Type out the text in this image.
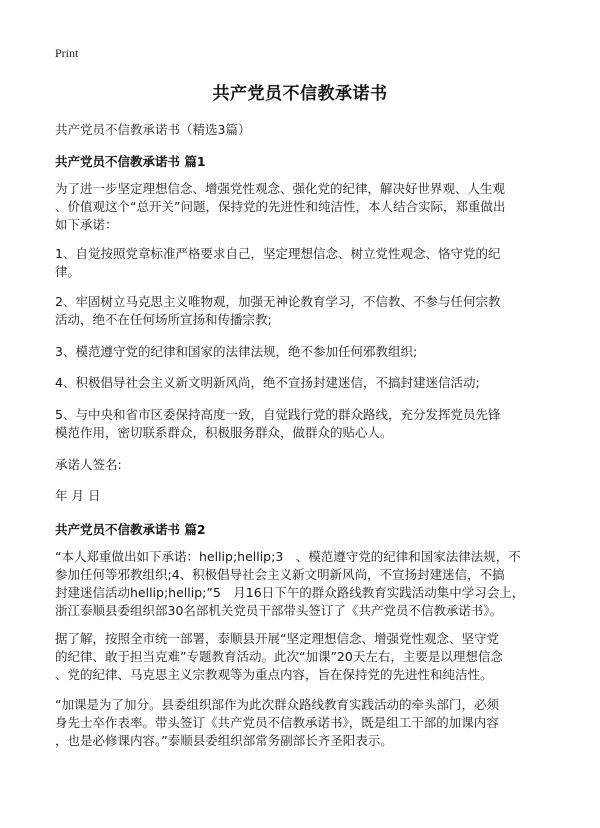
Print
共产党员不信教承诺书
共产党员不信教承诺书（精选3篇）
共产党员不信教承诺书 篇1
为了进一步坚定理想信念、增强党性观念、强化党的纪律，解决好世界观、人生观
、价值观这个“总开关”问题，保持党的先进性和纯洁性，本人结合实际，郑重做出
如下承诺：
1、自觉按照党章标准严格要求自己，坚定理想信念、树立党性观念、恪守党的纪
律。
2、牢固树立马克思主义唯物观，加强无神论教育学习，不信教、不参与任何宗教
活动，绝不在任何场所宣扬和传播宗教;
3、模范遵守党的纪律和国家的法律法规，绝不参加任何邪教组织;
4、积极倡导社会主义新文明新风尚，绝不宣扬封建迷信，不搞封建迷信活动;
5、与中央和省市区委保持高度一致，自觉践行党的群众路线，充分发挥党员先锋
模范作用，密切联系群众，积极服务群众，做群众的贴心人。
承诺人签名:
年 月 日
共产党员不信教承诺书 篇2
“本人郑重做出如下承诺：hellip;hellip;3　、模范遵守党的纪律和国家法律法规，不
参加任何等邪教组织;4、积极倡导社会主义新文明新风尚，不宣扬封建迷信，不搞
封建迷信活动hellip;hellip;”5　月16日下午的群众路线教育实践活动集中学习会上，
浙江泰顺县委组织部30名部机关党员干部带头签订了《共产党员不信教承诺书》。
据了解，按照全市统一部署，泰顺县开展“坚定理想信念、增强党性观念、坚守党
的纪律、敢于担当克难”专题教育活动。此次“加课”20天左右，主要是以理想信念
、党的纪律、马克思主义宗教观等为重点内容，旨在保持党的先进性和纯洁性。
“加课是为了加分。县委组织部作为此次群众路线教育实践活动的牵头部门，必须
身先士卒作表率。带头签订《共产党员不信教承诺书》，既是组工干部的加课内容
，也是必修课内容。”泰顺县委组织部常务副部长齐圣阳表示。
